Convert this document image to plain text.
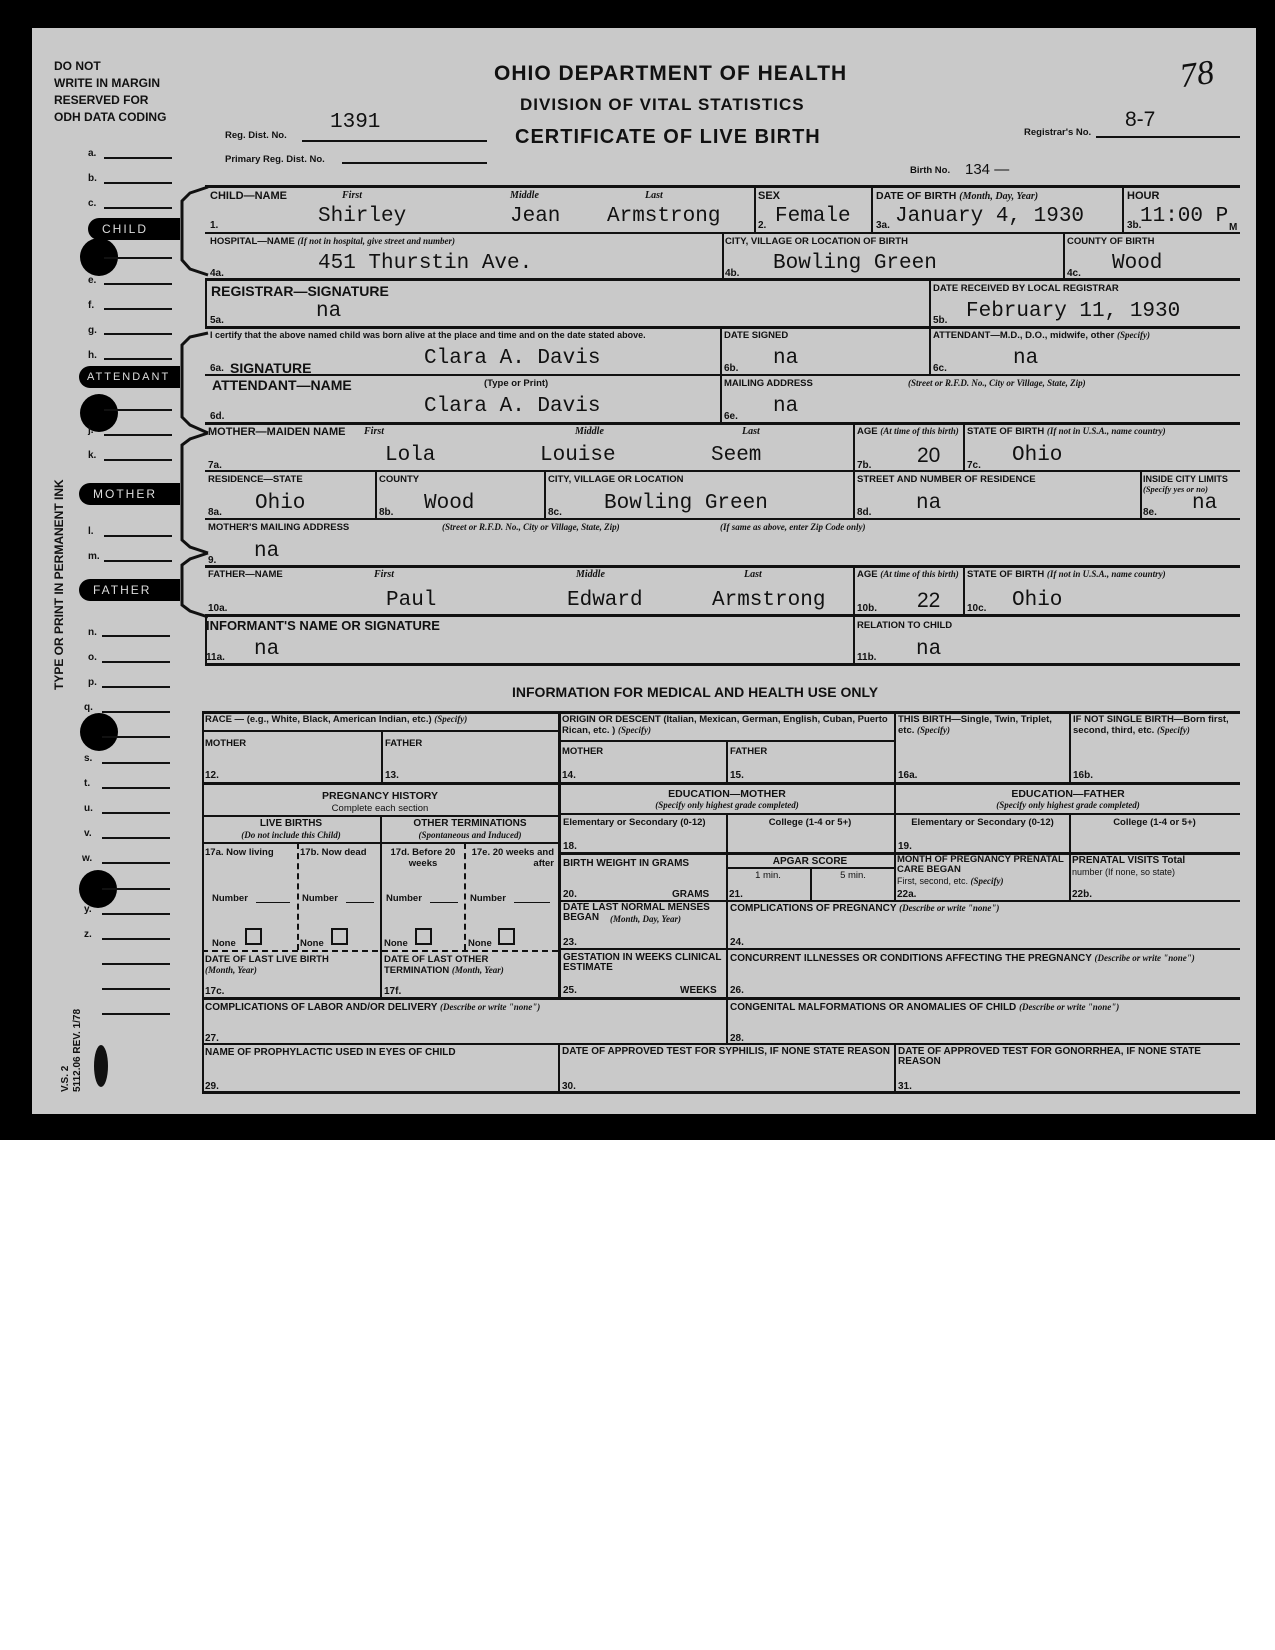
DO NOT
WRITE IN MARGIN
RESERVED FOR
ODH DATA CODING
a.
b.
c.
CHILD
e.
f.
g.
h.
ATTENDANT
j.
k.
MOTHER
l.
m.
FATHER
n.
o.
p.
q.
s.
t.
u.
v.
w.
y.
z.
TYPE OR PRINT IN PERMANENT INK
V.S. 2 5112.06 REV. 1/78
OHIO DEPARTMENT OF HEALTH
DIVISION OF VITAL STATISTICS
CERTIFICATE OF LIVE BIRTH
78
Reg. Dist. No.
1391
Primary Reg. Dist. No.
Registrar's No.
8-7
Birth No. 134 —
CHILD—NAME	First	Middle	Last
1.	Shirley	Jean Armstrong
SEX
2. Female
DATE OF BIRTH (Month, Day, Year)
3a. January 4, 1930
HOUR
3b.
11:00 P M
HOSPITAL—NAME (If not in hospital, give street and number)
4a.	451 Thurstin Ave.
CITY, VILLAGE OR LOCATION OF BIRTH
4b. Bowling Green
COUNTY OF BIRTH
4c. Wood
REGISTRAR—SIGNATURE
5a.	na
DATE RECEIVED BY LOCAL REGISTRAR
5b. February 11, 1930
I certify that the above named child was born alive at the place and time and on the date stated above.
6a. SIGNATURE	Clara A. Davis
DATE SIGNED
6b. na
ATTENDANT—M.D., D.O., midwife, other (Specify)
6c.	na
ATTENDANT—NAME	(Type or Print)
6d.	Clara A. Davis
MAILING ADDRESS	(Street or R.F.D. No., City or Village, State, Zip)
6e. na
MOTHER—MAIDEN NAME First	Middle	Last
7a.	Lola	Louise	Seem
AGE (At time of this birth)
7b. 20
STATE OF BIRTH (If not in U.S.A., name country)
7c. Ohio
RESIDENCE—STATE
8a. Ohio
COUNTY
8b. Wood
CITY, VILLAGE OR LOCATION
8c. Bowling Green
STREET AND NUMBER OF RESIDENCE
8d. na
INSIDE CITY LIMITS (Specify yes or no)
8e. na
MOTHER'S MAILING ADDRESS	(Street or R.F.D. No., City or Village, State, Zip)	(If same as above, enter Zip Code only)
9. na
FATHER—NAME	First	Middle	Last
10a.	Paul	Edward	Armstrong
AGE (At time of this birth)
10b. 22
STATE OF BIRTH (If not in U.S.A., name country)
10c. Ohio
INFORMANT'S NAME OR SIGNATURE
11a. na
RELATION TO CHILD
11b. na
INFORMATION FOR MEDICAL AND HEALTH USE ONLY
RACE — (e.g., White, Black, American Indian, etc.) (Specify)
MOTHER	FATHER
12.	13.
ORIGIN OR DESCENT (Italian, Mexican, German, English, Cuban, Puerto Rican, etc. ) (Specify)
MOTHER	FATHER
14.	15.
THIS BIRTH—Single, Twin, Triplet, etc. (Specify)
16a.
IF NOT SINGLE BIRTH—Born first, second, third, etc. (Specify)
16b.
PREGNANCY HISTORY
Complete each section
LIVE BIRTHS
(Do not include this Child)
OTHER TERMINATIONS
(Spontaneous and Induced)
17a. Now living	17b. Now dead	17d. Before 20 weeks
17e. 20 weeks and after
Number	Number	Number	Number
None	None	None	None
DATE OF LAST LIVE BIRTH
(Month, Year)
17c.
DATE OF LAST OTHER TERMINATION (Month, Year)
17f.
EDUCATION—MOTHER
(Specify only highest grade completed)
EDUCATION—FATHER
(Specify only highest grade completed)
Elementary or Secondary (0-12)	College (1-4 or 5+)
18.
Elementary or Secondary (0-12)	College (1-4 or 5+)
19.
BIRTH WEIGHT IN GRAMS
20.	GRAMS
APGAR SCORE
1 min.	5 min.
21.
MONTH OF PREGNANCY PRENATAL CARE BEGAN
First, second, etc. (Specify)
22a.
PRENATAL VISITS Total
number (If none, so state)
22b.
DATE LAST NORMAL MENSES BEGAN	(Month, Day, Year)
23.
COMPLICATIONS OF PREGNANCY (Describe or write "none")
24.
GESTATION IN WEEKS CLINICAL ESTIMATE
25.	WEEKS
CONCURRENT ILLNESSES OR CONDITIONS AFFECTING THE PREGNANCY (Describe or write "none")
26.
COMPLICATIONS OF LABOR AND/OR DELIVERY (Describe or write "none")
27.
CONGENITAL MALFORMATIONS OR ANOMALIES OF CHILD (Describe or write "none")
28.
NAME OF PROPHYLACTIC USED IN EYES OF CHILD
29.
DATE OF APPROVED TEST FOR SYPHILIS, IF NONE STATE REASON
30.
DATE OF APPROVED TEST FOR GONORRHEA, IF NONE STATE REASON
31.
